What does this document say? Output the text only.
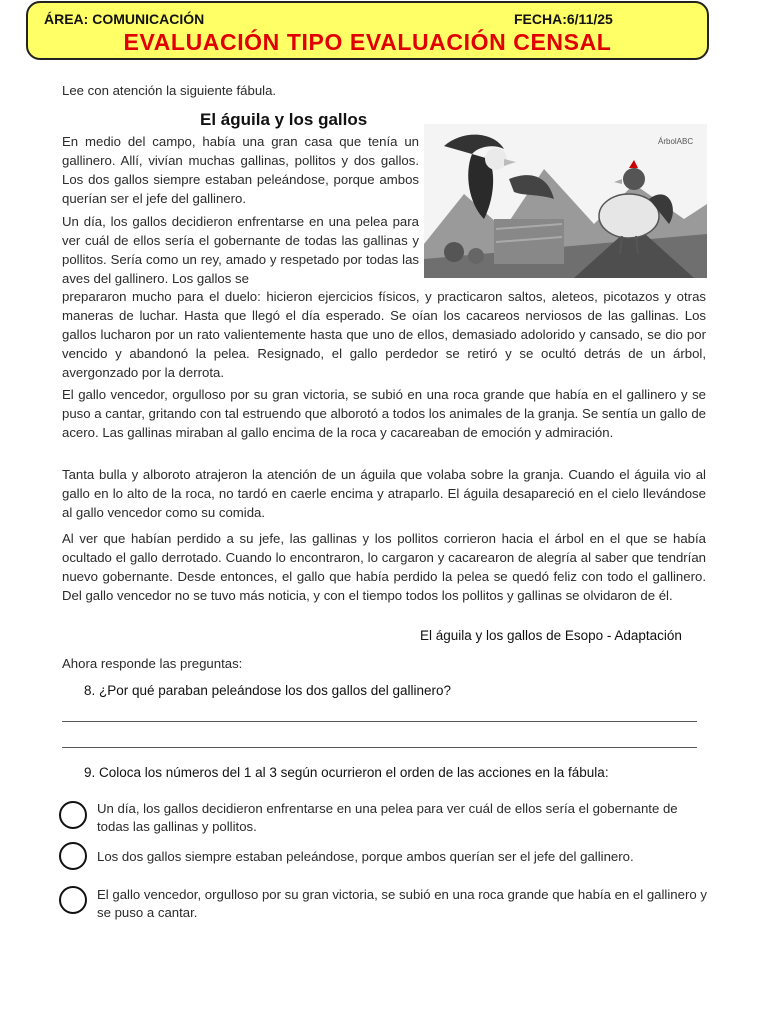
ÁREA: COMUNICACIÓN	FECHA:6/11/25
EVALUACIÓN TIPO EVALUACIÓN CENSAL

Lee con atención la siguiente fábula.

El águila y los gallos

En medio del campo, había una gran casa que tenía un gallinero. Allí, vivían muchas gallinas, pollitos y dos gallos. Los dos gallos siempre estaban peleándose, porque ambos querían ser el jefe del gallinero.

Un día, los gallos decidieron enfrentarse en una pelea para ver cuál de ellos sería el gobernante de todas las gallinas y pollitos. Sería como un rey, amado y respetado por todas las aves del gallinero. Los gallos se

prepararon mucho para el duelo: hicieron ejercicios físicos, y practicaron saltos, aleteos, picotazos y otras maneras de luchar. Hasta que llegó el día esperado. Se oían los cacareos nerviosos de las gallinas. Los gallos lucharon por un rato valientemente hasta que uno de ellos, demasiado adolorido y cansado, se dio por vencido y abandonó la pelea. Resignado, el gallo perdedor se retiró y se ocultó detrás de un árbol, avergonzado por la derrota.

ÁrbolABC

El gallo vencedor, orgulloso por su gran victoria, se subió en una roca grande que había en el gallinero y se puso a cantar, gritando con tal estruendo que alborotó a todos los animales de la granja. Se sentía un gallo de acero. Las gallinas miraban al gallo encima de la roca y cacareaban de emoción y admiración.

Tanta bulla y alboroto atrajeron la atención de un águila que volaba sobre la granja. Cuando el águila vio al gallo en lo alto de la roca, no tardó en caerle encima y atraparlo. El águila desapareció en el cielo llevándose al gallo vencedor como su comida.

Al ver que habían perdido a su jefe, las gallinas y los pollitos corrieron hacia el árbol en el que se había ocultado el gallo derrotado. Cuando lo encontraron, lo cargaron y cacarearon de alegría al saber que tendrían nuevo gobernante. Desde entonces, el gallo que había perdido la pelea se quedó feliz con todo el gallinero. Del gallo vencedor no se tuvo más noticia, y con el tiempo todos los pollitos y gallinas se olvidaron de él.

El águila y los gallos de Esopo - Adaptación

Ahora responde las preguntas:

8. ¿Por qué paraban peleándose los dos gallos del gallinero?
9. Coloca los números del 1 al 3 según ocurrieron el orden de las acciones en la fábula:
Un día, los gallos decidieron enfrentarse en una pelea para ver cuál de ellos sería el gobernante de todas las gallinas y pollitos.
Los dos gallos siempre estaban peleándose, porque ambos querían ser el jefe del gallinero.
El gallo vencedor, orgulloso por su gran victoria, se subió en una roca grande que había en el gallinero y se puso a cantar.
